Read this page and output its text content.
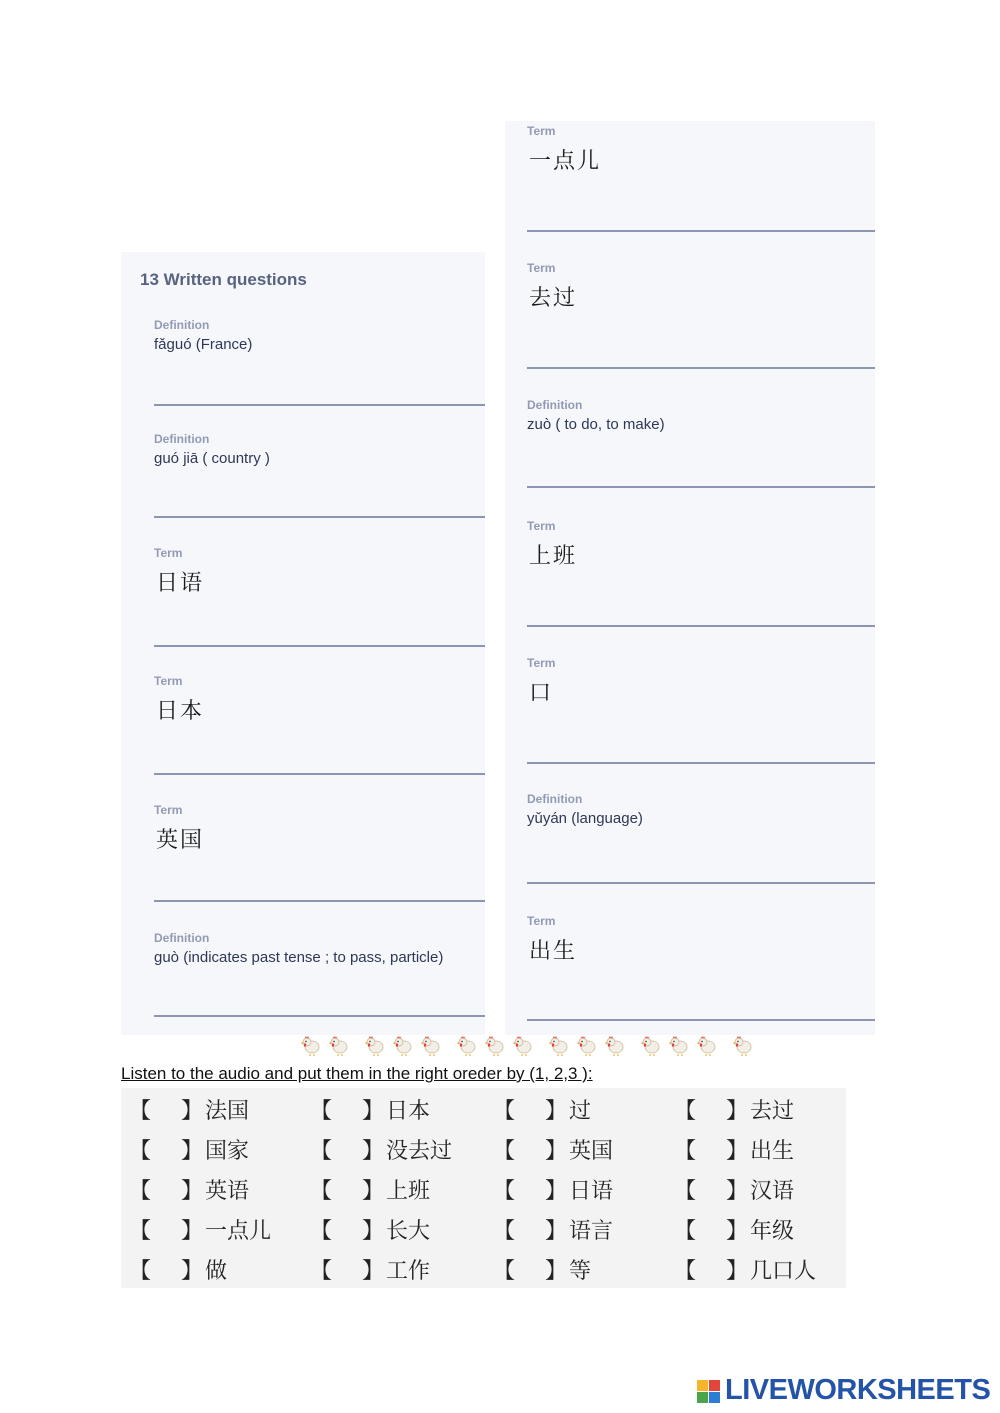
13 Written questions
Definition
fǎguó (France)
Definition
guó jiā ( country )
Term
日语
Term
日本
Term
英国
Definition
guò (indicates past tense ; to pass, particle)
Term
一点儿
Term
去过
Definition
zuò ( to do, to make)
Term
上班
Term
口
Definition
yǔyán (language)
Term
出生
Listen to the audio and put them in the right oreder by (1, 2,3 ):
【 】 法国	【 】 日本	【 】 过	【 】 去过
【 】 国家	【 】 没去过 【 】 英国	【 】 出生
【 】 英语	【 】 上班	【 】 日语	【 】 汉语
【 】 一点儿 【 】 长大	【 】 语言	【 】 年级
【 】 做	【 】 工作	【 】 等	【 】 几口人
LIVEWORKSHEETS
